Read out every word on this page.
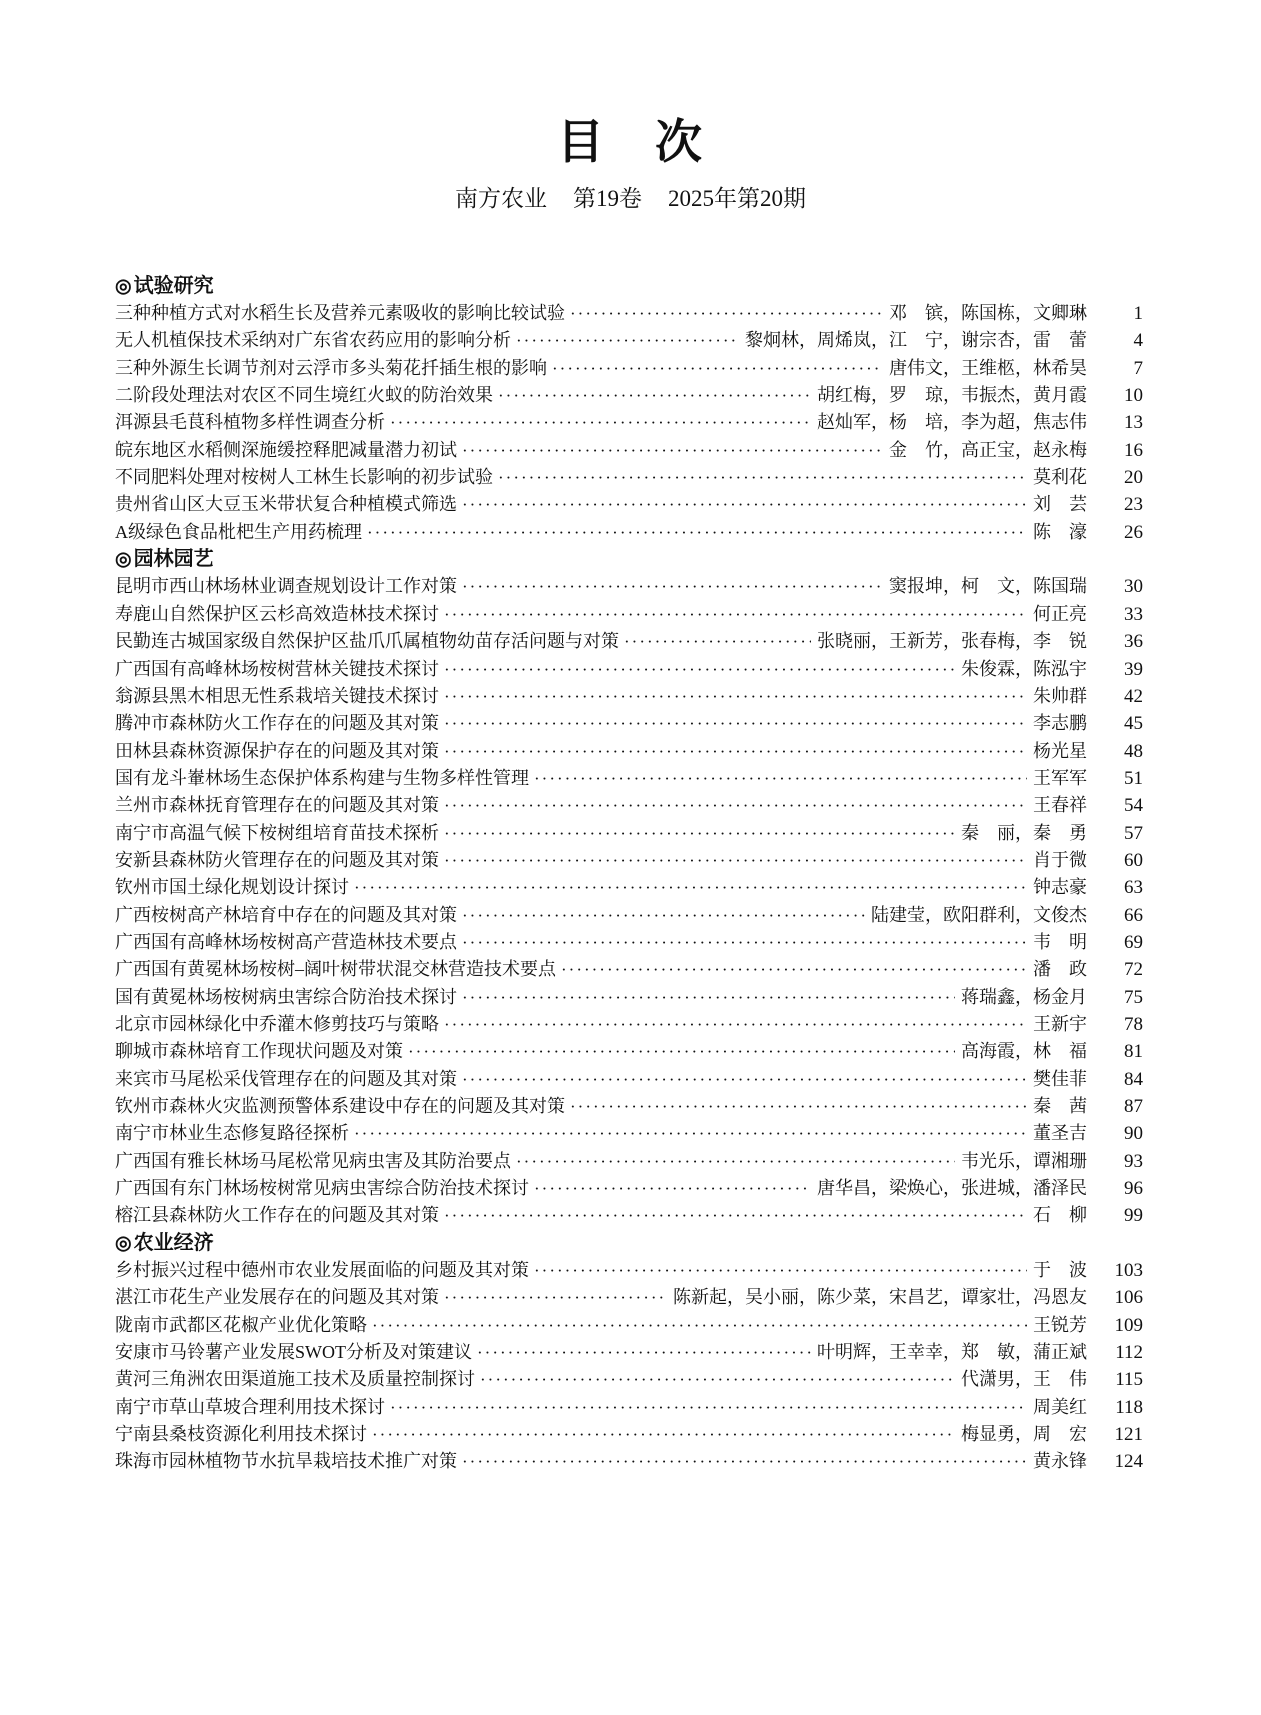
目　次
南方农业 第19卷 2025年第20期
◎ 试验研究
三种种植方式对水稻生长及营养元素吸收的影响比较试验 ·····	邓　镔，陈国栋，文卿琳	1
无人机植保技术采纳对广东省农药应用的影响分析 ·····	黎炯林，周烯岚，江　宁，谢宗杏，雷　蕾	4
三种外源生长调节剂对云浮市多头菊花扦插生根的影响 ·····	唐伟文，王维柩，林希昊	7
二阶段处理法对农区不同生境红火蚁的防治效果 ·····	胡红梅，罗　琼，韦振杰，黄月霞	10
洱源县毛茛科植物多样性调查分析 ·····	赵灿军，杨　培，李为超，焦志伟	13
皖东地区水稻侧深施缓控释肥减量潜力初试 ·····	金　竹，高正宝，赵永梅	16
不同肥料处理对桉树人工林生长影响的初步试验 ·····	莫利花	20
贵州省山区大豆玉米带状复合种植模式筛选 ·····	刘　芸	23
A级绿色食品枇杷生产用药梳理 ·····	陈　濠	26
◎ 园林园艺
昆明市西山林场林业调查规划设计工作对策 ·····	窦报坤，柯　文，陈国瑞	30
寿鹿山自然保护区云杉高效造林技术探讨 ·····	何正亮	33
民勤连古城国家级自然保护区盐爪爪属植物幼苗存活问题与对策 ·····	张晓丽，王新芳，张春梅，李　锐	36
广西国有高峰林场桉树营林关键技术探讨 ·····	朱俊霖，陈泓宇	39
翁源县黑木相思无性系栽培关键技术探讨 ·····	朱帅群	42
腾冲市森林防火工作存在的问题及其对策 ·····	李志鹏	45
田林县森林资源保护存在的问题及其对策 ·····	杨光星	48
国有龙斗輋林场生态保护体系构建与生物多样性管理 ·····	王军军	51
兰州市森林抚育管理存在的问题及其对策 ·····	王春祥	54
南宁市高温气候下桉树组培育苗技术探析 ·····	秦　丽，秦　勇	57
安新县森林防火管理存在的问题及其对策 ·····	肖于微	60
钦州市国土绿化规划设计探讨 ·····	钟志豪	63
广西桉树高产林培育中存在的问题及其对策 ·····	陆建莹，欧阳群利，文俊杰	66
广西国有高峰林场桉树高产营造林技术要点 ·····	韦　明	69
广西国有黄冕林场桉树–阔叶树带状混交林营造技术要点 ·····	潘　政	72
国有黄冕林场桉树病虫害综合防治技术探讨 ·····	蒋瑞鑫，杨金月	75
北京市园林绿化中乔灌木修剪技巧与策略 ·····	王新宇	78
聊城市森林培育工作现状问题及对策 ·····	高海霞，林　福	81
来宾市马尾松采伐管理存在的问题及其对策 ·····	樊佳菲	84
钦州市森林火灾监测预警体系建设中存在的问题及其对策 ·····	秦　茜	87
南宁市林业生态修复路径探析 ·····	董圣吉	90
广西国有雅长林场马尾松常见病虫害及其防治要点 ·····	韦光乐，谭湘珊	93
广西国有东门林场桉树常见病虫害综合防治技术探讨 ·····	唐华昌，梁焕心，张进城，潘泽民	96
榕江县森林防火工作存在的问题及其对策 ·····	石　柳	99
◎ 农业经济
乡村振兴过程中德州市农业发展面临的问题及其对策 ·····	于　波	103
湛江市花生产业发展存在的问题及其对策 ·····	陈新起，吴小丽，陈少菜，宋昌艺，谭家壮，冯恩友	106
陇南市武都区花椒产业优化策略 ·····	王锐芳	109
安康市马铃薯产业发展SWOT分析及对策建议 ·····	叶明辉，王幸幸，郑　敏，蒲正斌	112
黄河三角洲农田渠道施工技术及质量控制探讨 ·····	代潇男，王　伟	115
南宁市草山草坡合理利用技术探讨 ·····	周美红	118
宁南县桑枝资源化利用技术探讨 ·····	梅显勇，周　宏	121
珠海市园林植物节水抗旱栽培技术推广对策 ·····	黄永锋	124
